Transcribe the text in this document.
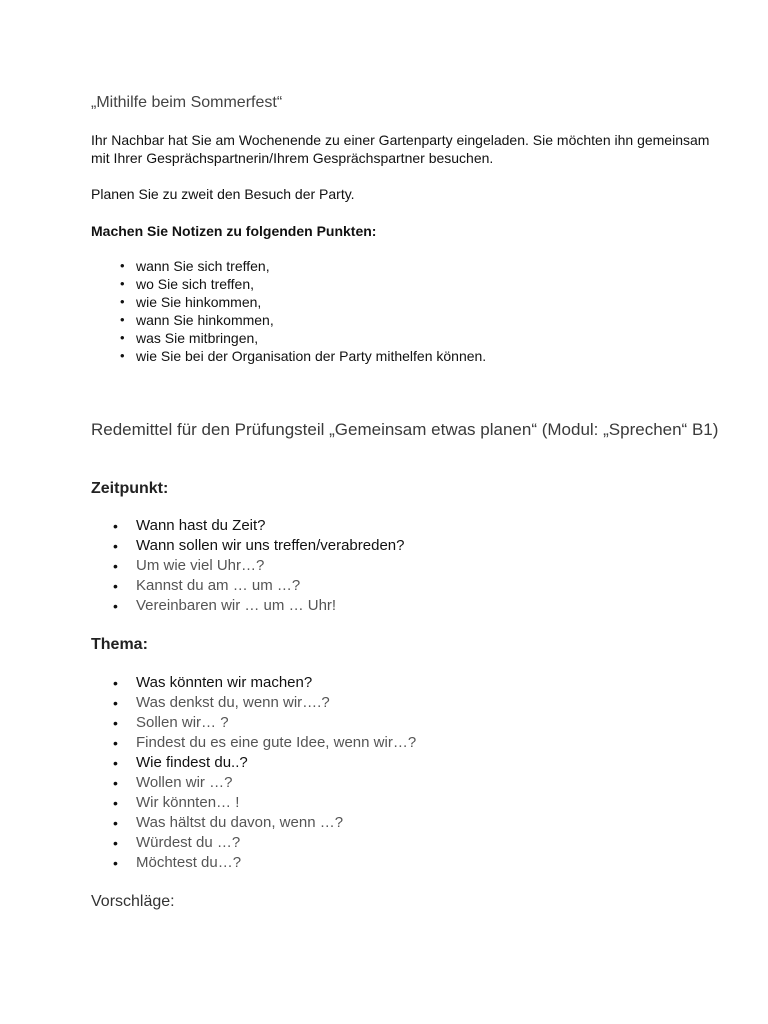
„Mithilfe beim Sommerfest“

Ihr Nachbar hat Sie am Wochenende zu einer Gartenparty eingeladen. Sie möchten ihn gemeinsam mit Ihrer Gesprächspartnerin/Ihrem Gesprächspartner besuchen.

Planen Sie zu zweit den Besuch der Party.

Machen Sie Notizen zu folgenden Punkten:

• wann Sie sich treffen,
• wo Sie sich treffen,
• wie Sie hinkommen,
• wann Sie hinkommen,
• was Sie mitbringen,
• wie Sie bei der Organisation der Party mithelfen können.
Redemittel für den Prüfungsteil „Gemeinsam etwas planen“ (Modul: „Sprechen“ B1)
Zeitpunkt:
• Wann hast du Zeit?
• Wann sollen wir uns treffen/verabreden?
• Um wie viel Uhr…?
• Kannst du am … um …?
• Vereinbaren wir … um … Uhr!
Thema:
• Was könnten wir machen?
• Was denkst du, wenn wir….?
• Sollen wir… ?
• Findest du es eine gute Idee, wenn wir…?
• Wie findest du..?
• Wollen wir …?
• Wir könnten… !
• Was hältst du davon, wenn …?
• Würdest du …?
• Möchtest du…?
Vorschläge:
